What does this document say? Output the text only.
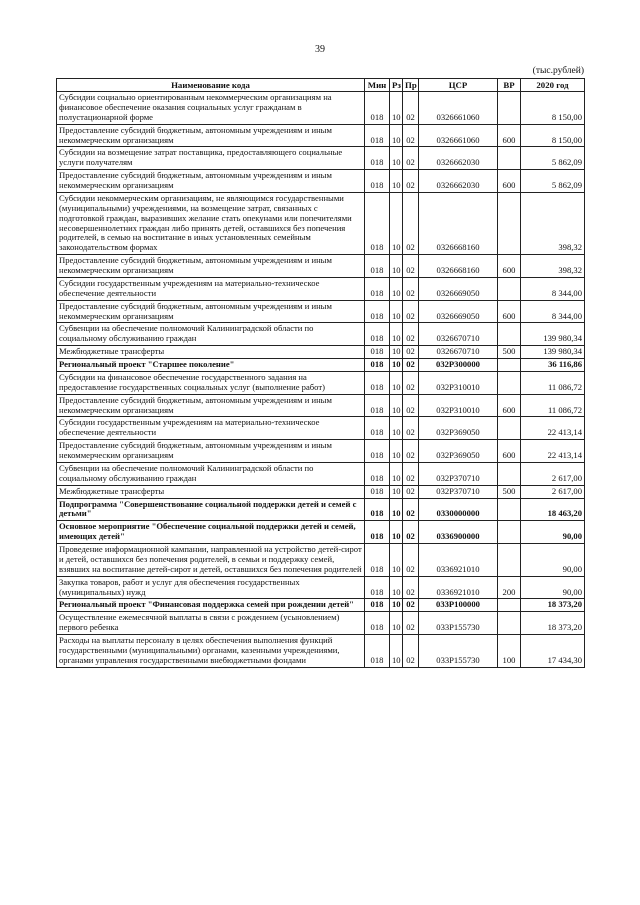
39
(тыс.рублей)
Наименование кода	Мин	Рз	Пр	ЦСР	ВР	2020 год
Субсидии социально ориентированным некоммерческим организациям на финансовое обеспечение оказания социальных услуг гражданам в полустационарной форме	018	10	02	0326661060		8 150,00
Предоставление субсидий бюджетным, автономным учреждениям и иным некоммерческим организациям	018	10	02	0326661060	600	8 150,00
Субсидии на возмещение затрат поставщика, предоставляющего социальные услуги получателям	018	10	02	0326662030		5 862,09
Предоставление субсидий бюджетным, автономным учреждениям и иным некоммерческим организациям	018	10	02	0326662030	600	5 862,09
Субсидии некоммерческим организациям, не являющимся государственными (муниципальными) учреждениями, на возмещение затрат, связанных с подготовкой граждан, выразивших желание стать опекунами или попечителями несовершеннолетних граждан либо принять детей, оставшихся без попечения родителей, в семью на воспитание в иных установленных семейным законодательством формах	018	10	02	0326668160		398,32
Предоставление субсидий бюджетным, автономным учреждениям и иным некоммерческим организациям	018	10	02	0326668160	600	398,32
Субсидии государственным учреждениям на материально-техническое обеспечение деятельности	018	10	02	0326669050		8 344,00
Предоставление субсидий бюджетным, автономным учреждениям и иным некоммерческим организациям	018	10	02	0326669050	600	8 344,00
Субвенции на обеспечение полномочий Калининградской области по социальному обслуживанию граждан	018	10	02	0326670710		139 980,34
Межбюджетные трансферты	018	10	02	0326670710	500	139 980,34
Региональный проект "Старшее поколение"	018	10	02	032P300000		36 116,86
Субсидии на финансовое обеспечение государственного задания на предоставление государственных социальных услуг (выполнение работ)	018	10	02	032P310010		11 086,72
Предоставление субсидий бюджетным, автономным учреждениям и иным некоммерческим организациям	018	10	02	032P310010	600	11 086,72
Субсидии государственным учреждениям на материально-техническое обеспечение деятельности	018	10	02	032P369050		22 413,14
Предоставление субсидий бюджетным, автономным учреждениям и иным некоммерческим организациям	018	10	02	032P369050	600	22 413,14
Субвенции на обеспечение полномочий Калининградской области по социальному обслуживанию граждан	018	10	02	032P370710		2 617,00
Межбюджетные трансферты	018	10	02	032P370710	500	2 617,00
Подпрограмма "Совершенствование социальной поддержки детей и семей с детьми"	018	10	02	0330000000		18 463,20
Основное мероприятие "Обеспечение социальной поддержки детей и семей, имеющих детей"	018	10	02	0336900000		90,00
Проведение информационной кампании, направленной на устройство детей-сирот и детей, оставшихся без попечения родителей, в семьи и поддержку семей, взявших на воспитание детей-сирот и детей, оставшихся без попечения родителей	018	10	02	0336921010		90,00
Закупка товаров, работ и услуг для обеспечения государственных (муниципальных) нужд	018	10	02	0336921010	200	90,00
Региональный проект "Финансовая поддержка семей при рождении детей"	018	10	02	033P100000		18 373,20
Осуществление ежемесячной выплаты в связи с рождением (усыновлением) первого ребенка	018	10	02	033P155730		18 373,20
Расходы на выплаты персоналу в целях обеспечения выполнения функций государственными (муниципальными) органами, казенными учреждениями, органами управления государственными внебюджетными фондами	018	10	02	033P155730	100	17 434,30
